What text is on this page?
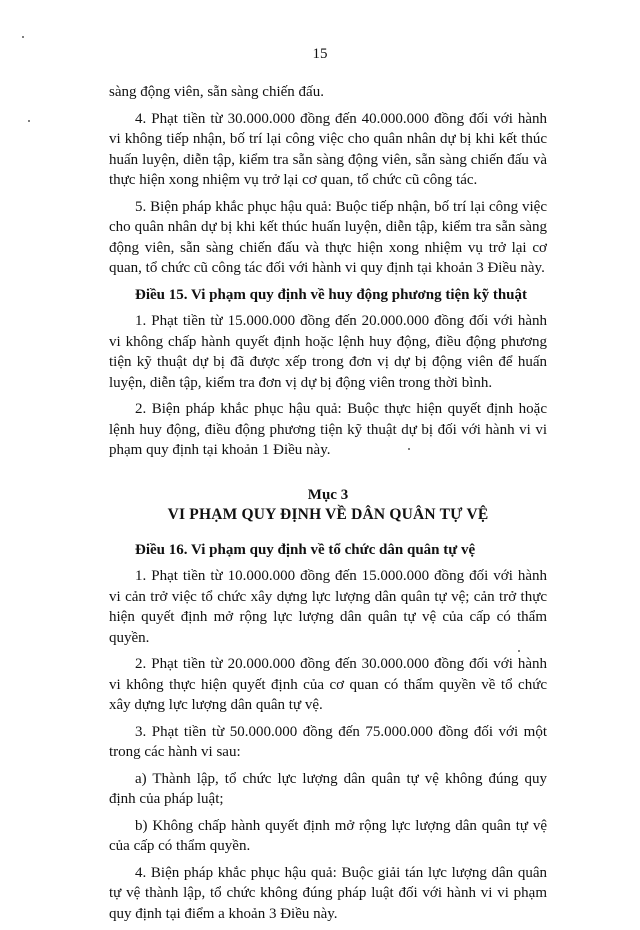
15

sàng động viên, sẵn sàng chiến đấu.

4. Phạt tiền từ 30.000.000 đồng đến 40.000.000 đồng đối với hành vi không tiếp nhận, bố trí lại công việc cho quân nhân dự bị khi kết thúc huấn luyện, diễn tập, kiểm tra sẵn sàng động viên, sẵn sàng chiến đấu và thực hiện xong nhiệm vụ trở lại cơ quan, tổ chức cũ công tác.

5. Biện pháp khắc phục hậu quả: Buộc tiếp nhận, bố trí lại công việc cho quân nhân dự bị khi kết thúc huấn luyện, diễn tập, kiểm tra sẵn sàng động viên, sẵn sàng chiến đấu và thực hiện xong nhiệm vụ trở lại cơ quan, tổ chức cũ công tác đối với hành vi quy định tại khoản 3 Điều này.

Điều 15. Vi phạm quy định về huy động phương tiện kỹ thuật

1. Phạt tiền từ 15.000.000 đồng đến 20.000.000 đồng đối với hành vi không chấp hành quyết định hoặc lệnh huy động, điều động phương tiện kỹ thuật dự bị đã được xếp trong đơn vị dự bị động viên để huấn luyện, diễn tập, kiểm tra đơn vị dự bị động viên trong thời bình.

2. Biện pháp khắc phục hậu quả: Buộc thực hiện quyết định hoặc lệnh huy động, điều động phương tiện kỹ thuật dự bị đối với hành vi vi phạm quy định tại khoản 1 Điều này.

Mục 3
VI PHẠM QUY ĐỊNH VỀ DÂN QUÂN TỰ VỆ

Điều 16. Vi phạm quy định về tổ chức dân quân tự vệ

1. Phạt tiền từ 10.000.000 đồng đến 15.000.000 đồng đối với hành vi cản trở việc tổ chức xây dựng lực lượng dân quân tự vệ; cản trở thực hiện quyết định mở rộng lực lượng dân quân tự vệ của cấp có thẩm quyền.

2. Phạt tiền từ 20.000.000 đồng đến 30.000.000 đồng đối với hành vi không thực hiện quyết định của cơ quan có thẩm quyền về tổ chức xây dựng lực lượng dân quân tự vệ.

3. Phạt tiền từ 50.000.000 đồng đến 75.000.000 đồng đối với một trong các hành vi sau:

a) Thành lập, tổ chức lực lượng dân quân tự vệ không đúng quy định của pháp luật;

b) Không chấp hành quyết định mở rộng lực lượng dân quân tự vệ của cấp có thẩm quyền.

4. Biện pháp khắc phục hậu quả: Buộc giải tán lực lượng dân quân tự vệ thành lập, tổ chức không đúng pháp luật đối với hành vi vi phạm quy định tại điểm a khoản 3 Điều này.
